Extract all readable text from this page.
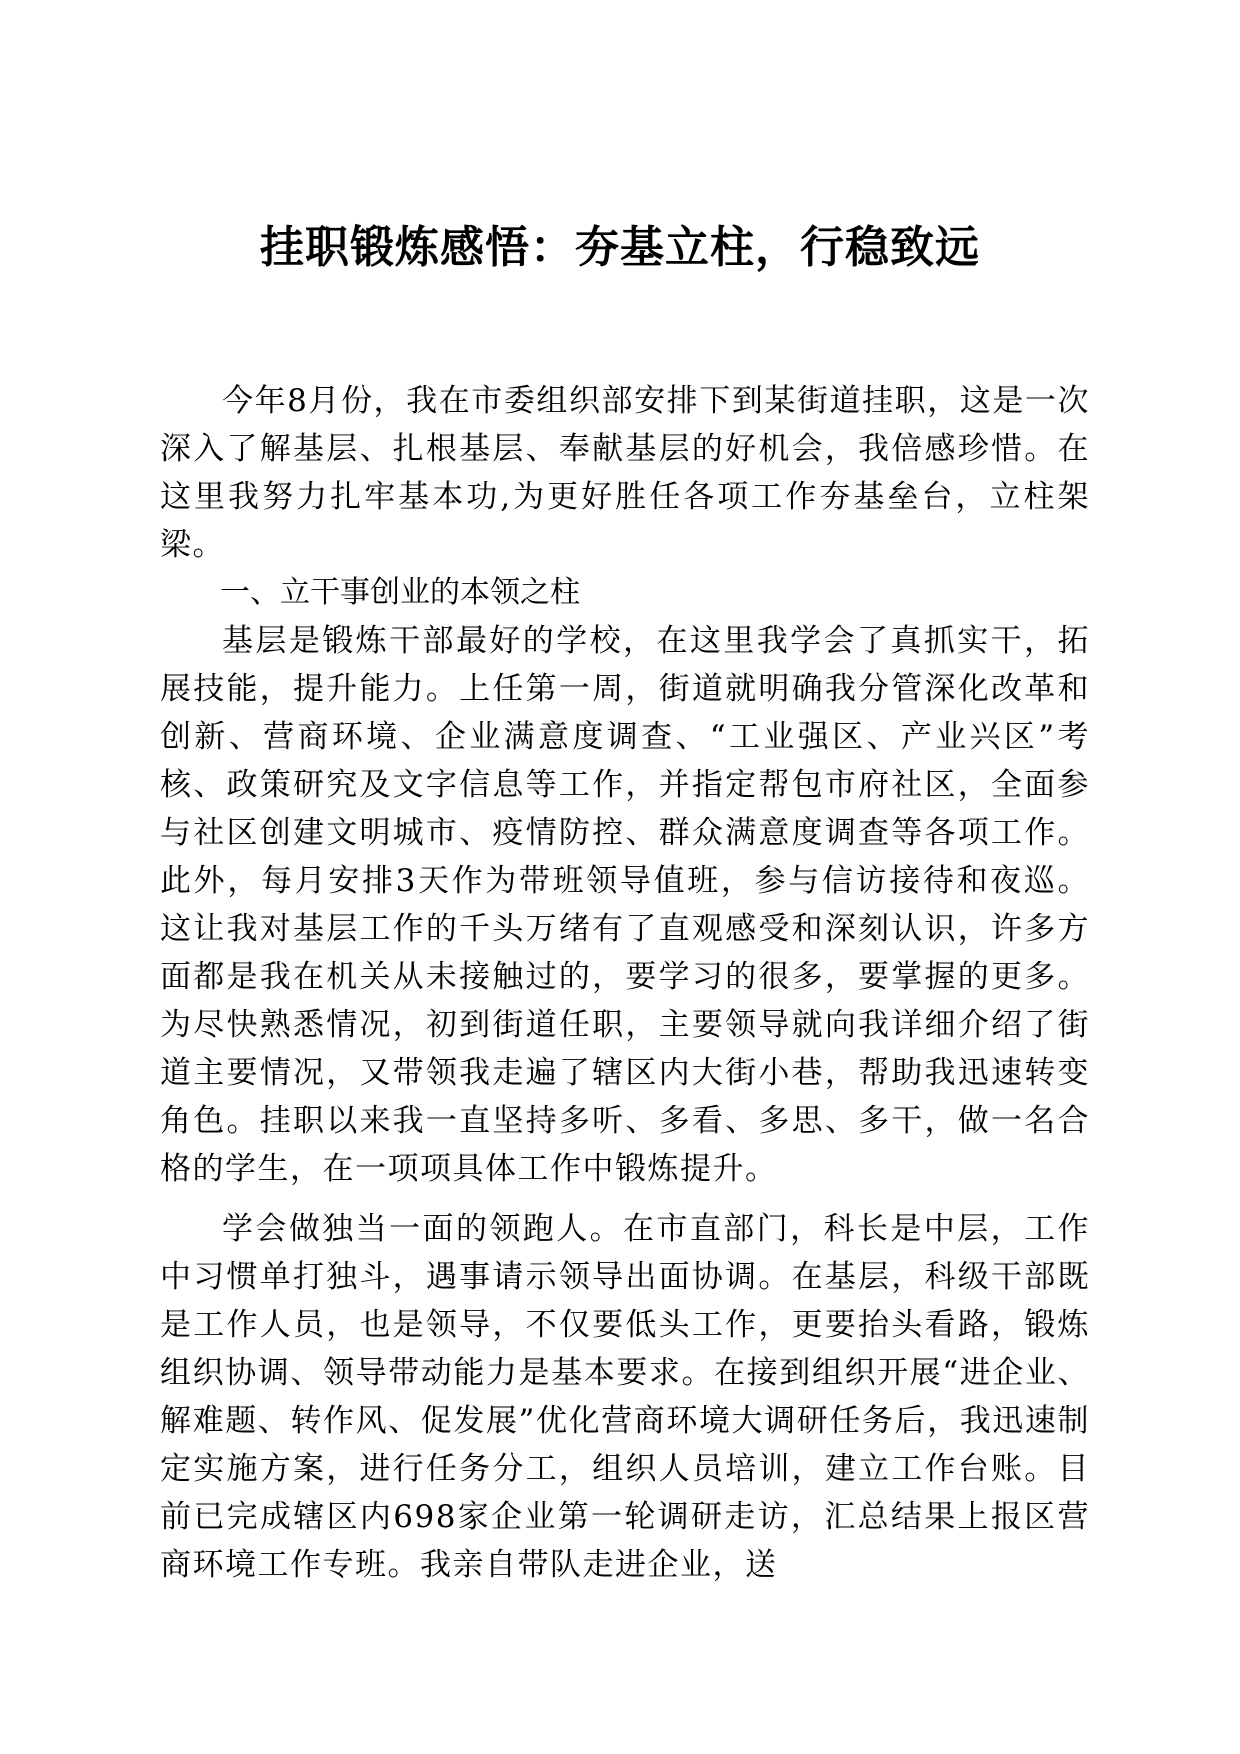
挂职锻炼感悟：夯基立柱，行稳致远

今年8月份，我在市委组织部安排下到某街道挂职，这是一次深入了解基层、扎根基层、奉献基层的好机会，我倍感珍惜。在这里我努力扎牢基本功,为更好胜任各项工作夯基垒台，立柱架梁。

一、立干事创业的本领之柱

基层是锻炼干部最好的学校，在这里我学会了真抓实干，拓展技能，提升能力。上任第一周，街道就明确我分管深化改革和创新、营商环境、企业满意度调查、“工业强区、产业兴区”考核、政策研究及文字信息等工作，并指定帮包市府社区，全面参与社区创建文明城市、疫情防控、群众满意度调查等各项工作。此外，每月安排3天作为带班领导值班，参与信访接待和夜巡。这让我对基层工作的千头万绪有了直观感受和深刻认识，许多方面都是我在机关从未接触过的，要学习的很多，要掌握的更多。为尽快熟悉情况，初到街道任职，主要领导就向我详细介绍了街道主要情况，又带领我走遍了辖区内大街小巷，帮助我迅速转变角色。挂职以来我一直坚持多听、多看、多思、多干，做一名合格的学生，在一项项具体工作中锻炼提升。

学会做独当一面的领跑人。在市直部门，科长是中层，工作中习惯单打独斗，遇事请示领导出面协调。在基层，科级干部既是工作人员，也是领导，不仅要低头工作，更要抬头看路，锻炼组织协调、领导带动能力是基本要求。在接到组织开展“进企业、解难题、转作风、促发展”优化营商环境大调研任务后，我迅速制定实施方案，进行任务分工，组织人员培训，建立工作台账。目前已完成辖区内698家企业第一轮调研走访，汇总结果上报区营商环境工作专班。我亲自带队走进企业，送
